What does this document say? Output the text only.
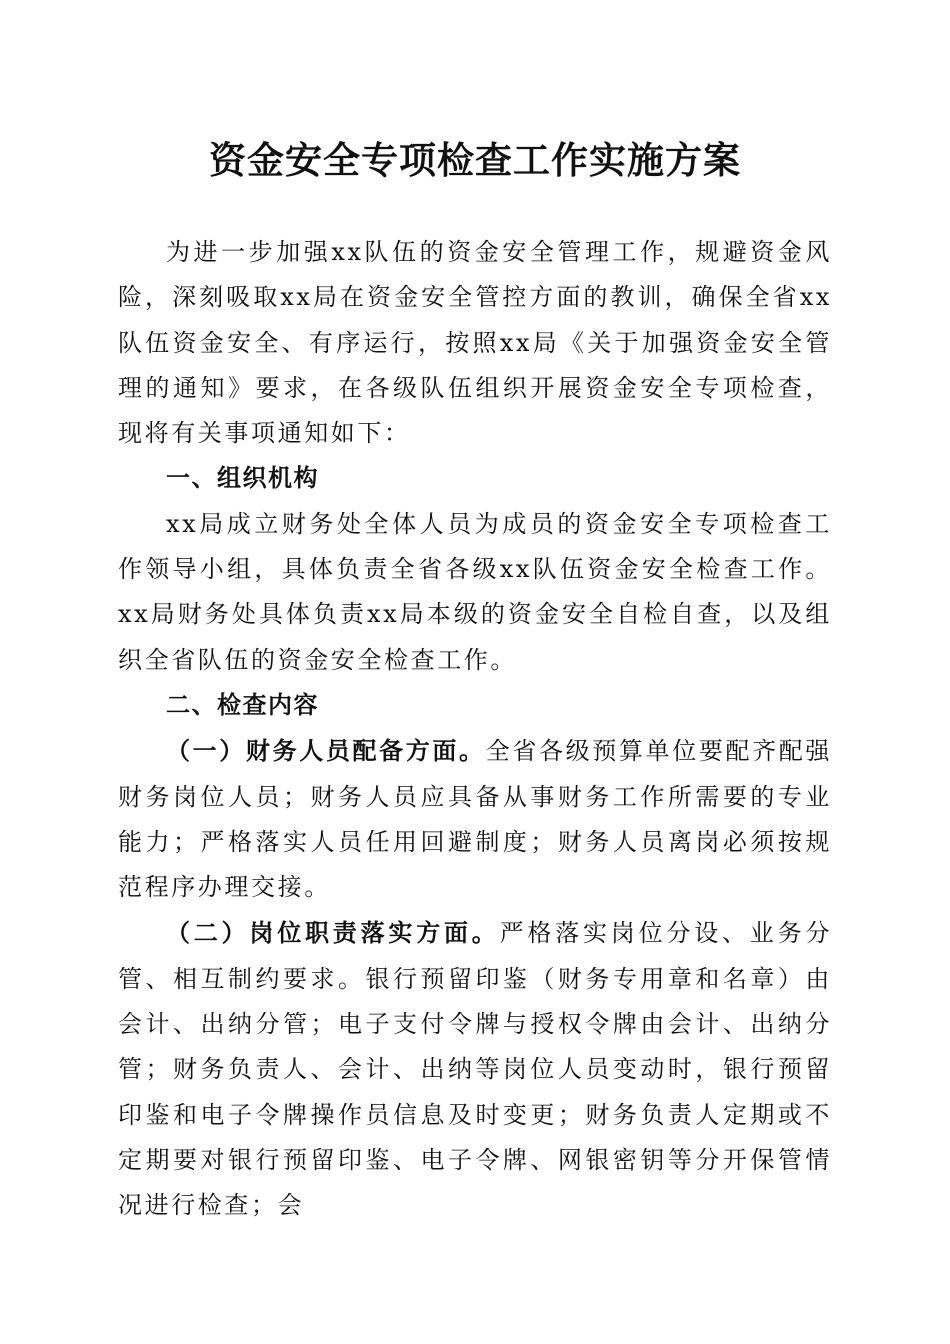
资金安全专项检查工作实施方案

为进一步加强xx队伍的资金安全管理工作，规避资金风险，深刻吸取xx局在资金安全管控方面的教训，确保全省xx队伍资金安全、有序运行，按照xx局《关于加强资金安全管理的通知》要求，在各级队伍组织开展资金安全专项检查，现将有关事项通知如下：

一、组织机构

xx局成立财务处全体人员为成员的资金安全专项检查工作领导小组，具体负责全省各级xx队伍资金安全检查工作。xx局财务处具体负责xx局本级的资金安全自检自查，以及组织全省队伍的资金安全检查工作。

二、检查内容

（一）财务人员配备方面。全省各级预算单位要配齐配强财务岗位人员；财务人员应具备从事财务工作所需要的专业能力；严格落实人员任用回避制度；财务人员离岗必须按规范程序办理交接。

（二）岗位职责落实方面。严格落实岗位分设、业务分管、相互制约要求。银行预留印鉴（财务专用章和名章）由会计、出纳分管；电子支付令牌与授权令牌由会计、出纳分管；财务负责人、会计、出纳等岗位人员变动时，银行预留印鉴和电子令牌操作员信息及时变更；财务负责人定期或不定期要对银行预留印鉴、电子令牌、网银密钥等分开保管情况进行检查；会
